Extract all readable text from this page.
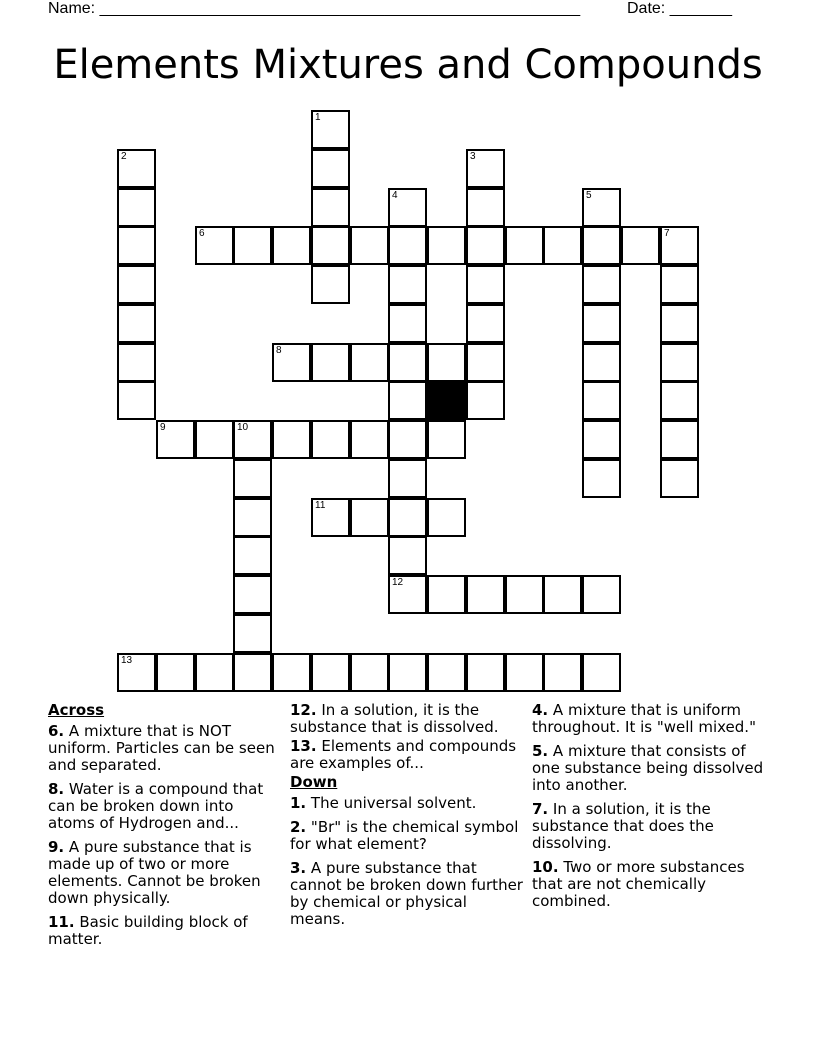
Name: ______________________________________________________	Date: _______
Elements Mixtures and Compounds
1
2	3
4	5
6	7
8
9	10
11
12
13
Across
6. A mixture that is NOT uniform. Particles can be seen and separated.
8. Water is a compound that can be broken down into atoms of Hydrogen and...
9. A pure substance that is made up of two or more elements. Cannot be broken down physically.
11. Basic building block of matter.
12. In a solution, it is the substance that is dissolved.
13. Elements and compounds are examples of...
Down
1. The universal solvent.
2. "Br" is the chemical symbol for what element?
3. A pure substance that cannot be broken down further by chemical or physical means.
4. A mixture that is uniform throughout. It is "well mixed."
5. A mixture that consists of one substance being dissolved into another.
7. In a solution, it is the substance that does the dissolving.
10. Two or more substances that are not chemically combined.
